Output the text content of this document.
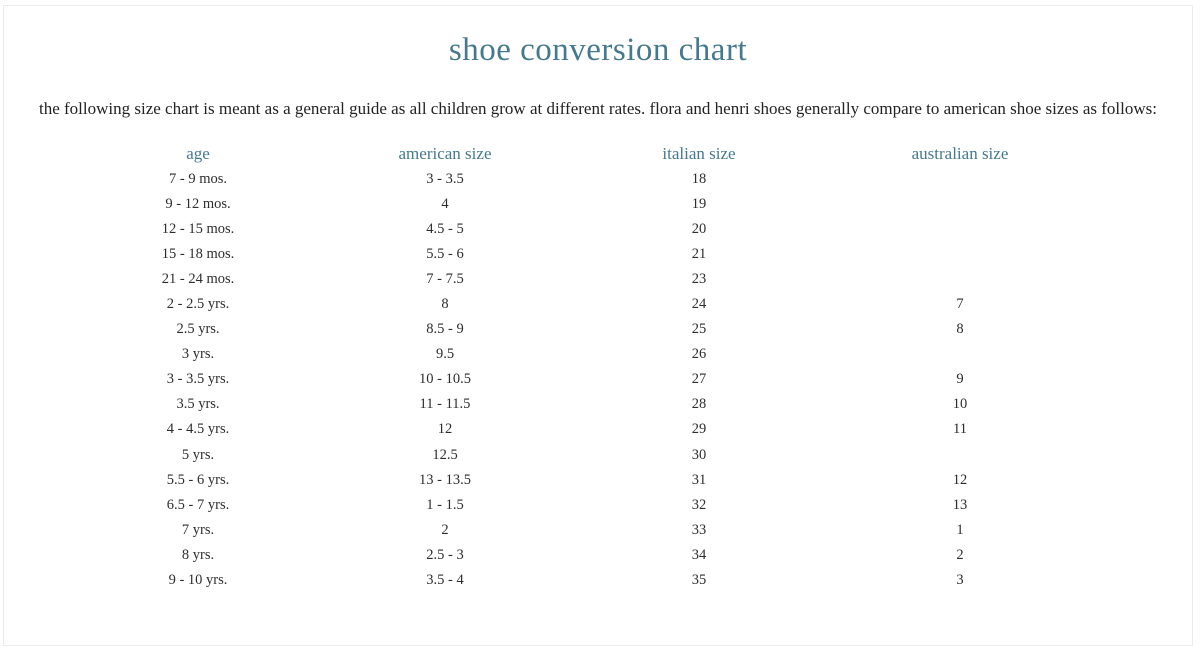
shoe conversion chart

the following size chart is meant as a general guide as all children grow at different rates. flora and henri shoes generally compare to american shoe sizes as follows:

age	american size	italian size	australian size
7 - 9 mos.	3 - 3.5	18
9 - 12 mos.	4	19
12 - 15 mos.	4.5 - 5	20
15 - 18 mos.	5.5 - 6	21
21 - 24 mos.	7 - 7.5	23
2 - 2.5 yrs.	8	24	7
2.5 yrs.	8.5 - 9	25	8
3 yrs.	9.5	26
3 - 3.5 yrs.	10 - 10.5	27	9
3.5 yrs.	11 - 11.5	28	10
4 - 4.5 yrs.	12	29	11
5 yrs.	12.5	30
5.5 - 6 yrs.	13 - 13.5	31	12
6.5 - 7 yrs.	1 - 1.5	32	13
7 yrs.	2	33	1
8 yrs.	2.5 - 3	34	2
9 - 10 yrs.	3.5 - 4	35	3
